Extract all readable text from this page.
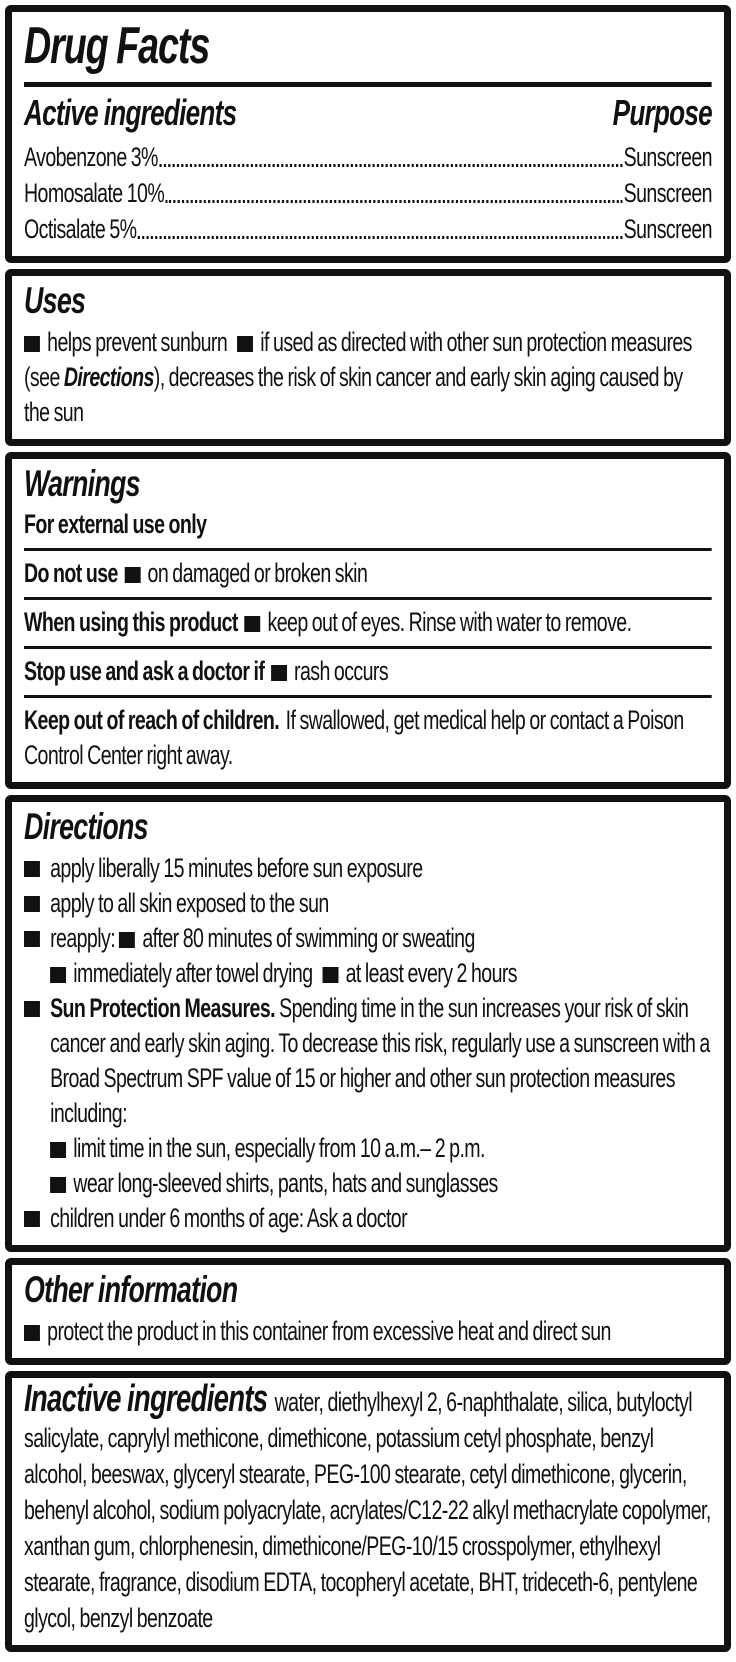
Drug Facts
Active ingredients	Purpose
Avobenzone 3%	Sunscreen
Homosalate 10%	Sunscreen
Octisalate 5%	Sunscreen
Uses

helps prevent sunburn if used as directed with other sun protection measures (see Directions), decreases the risk of skin cancer and early skin aging caused by the sun

Warnings

For external use only

Do not use on damaged or broken skin

When using this product keep out of eyes. Rinse with water to remove.

Stop use and ask a doctor if rash occurs

Keep out of reach of children. If swallowed, get medical help or contact a Poison Control Center right away.

Directions
apply liberally 15 minutes before sun exposure
apply to all skin exposed to the sun

reapply: after 80 minutes of swimming or sweating

immediately after towel drying at least every 2 hours

Sun Protection Measures. Spending time in the sun increases your risk of skin cancer and early skin aging. To decrease this risk, regularly use a sunscreen with a Broad Spectrum SPF value of 15 or higher and other sun protection measures including:

limit time in the sun, especially from 10 a.m.– 2 p.m.

wear long-sleeved shirts, pants, hats and sunglasses

children under 6 months of age: Ask a doctor
Other information

protect the product in this container from excessive heat and direct sun

Inactive ingredients water, diethylhexyl 2, 6-naphthalate, silica, butyloctyl salicylate, caprylyl methicone, dimethicone, potassium cetyl phosphate, benzyl alcohol, beeswax, glyceryl stearate, PEG-100 stearate, cetyl dimethicone, glycerin, behenyl alcohol, sodium polyacrylate, acrylates/C12-22 alkyl methacrylate copolymer, xanthan gum, chlorphenesin, dimethicone/PEG-10/15 crosspolymer, ethylhexyl stearate, fragrance, disodium EDTA, tocopheryl acetate, BHT, trideceth-6, pentylene glycol, benzyl benzoate
